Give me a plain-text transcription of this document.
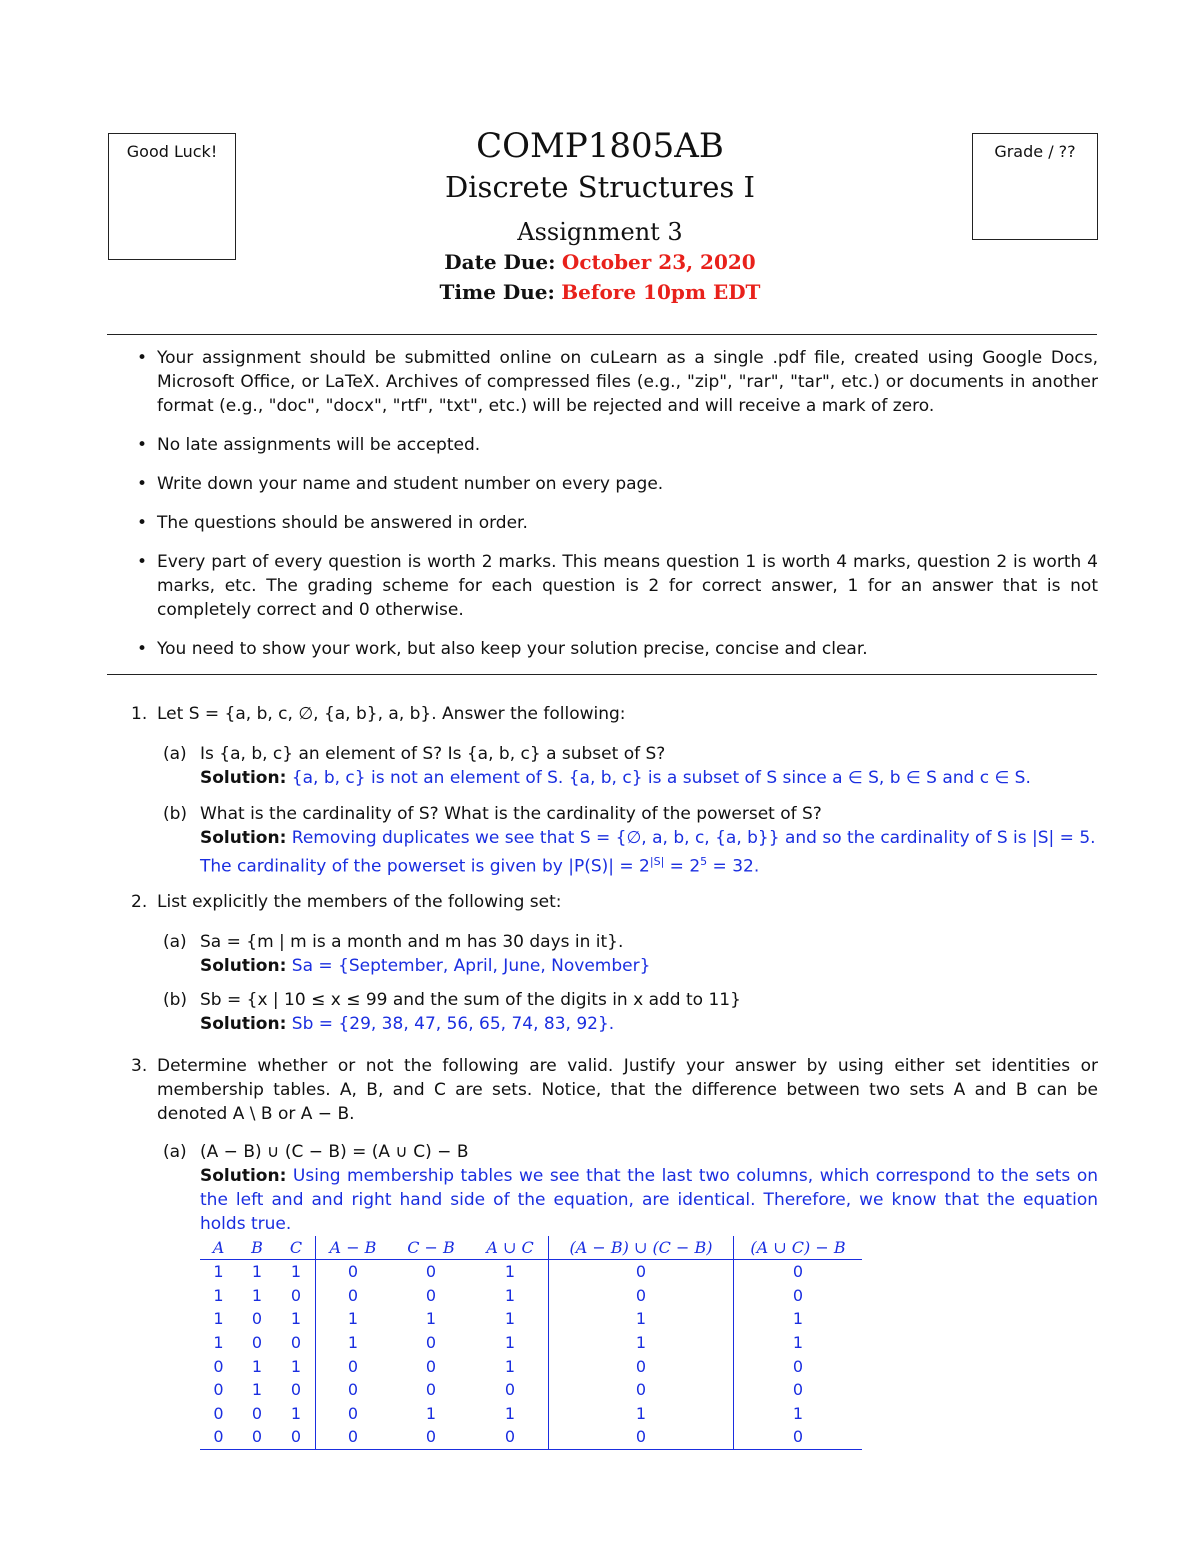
Good Luck!	Grade / ??
COMP1805AB
Discrete Structures I
Assignment 3
Date Due: October 23, 2020
Time Due: Before 10pm EDT
• Your assignment should be submitted online on cuLearn as a single .pdf file, created using Google Docs, Microsoft Office, or LaTeX. Archives of compressed files (e.g., "zip", "rar", "tar", etc.) or documents in another format (e.g., "doc", "docx", "rtf", "txt", etc.) will be rejected and will receive a mark of zero.
• No late assignments will be accepted.
• Write down your name and student number on every page.
• The questions should be answered in order.
• Every part of every question is worth 2 marks. This means question 1 is worth 4 marks, question 2 is worth 4 marks, etc. The grading scheme for each question is 2 for correct answer, 1 for an answer that is not completely correct and 0 otherwise.
• You need to show your work, but also keep your solution precise, concise and clear.
1. Let S = {a, b, c, ∅, {a, b}, a, b}. Answer the following:
(a) Is {a, b, c} an element of S? Is {a, b, c} a subset of S?
Solution: {a, b, c} is not an element of S. {a, b, c} is a subset of S since a ∈ S, b ∈ S and c ∈ S.
(b) What is the cardinality of S? What is the cardinality of the powerset of S?
Solution: Removing duplicates we see that S = {∅, a, b, c, {a, b}} and so the cardinality of S is |S| = 5.
The cardinality of the powerset is given by $|P(S)| = 2^{|S|} = 2^5 = 32$.
2. List explicitly the members of the following set:
(a) Sa = {m | m is a month and m has 30 days in it}.
Solution: Sa = {September, April, June, November}
(b) Sb = {x | 10 ≤ x ≤ 99 and the sum of the digits in x add to 11}
Solution: Sb = {29, 38, 47, 56, 65, 74, 83, 92}.
3. Determine whether or not the following are valid. Justify your answer by using either set identities or membership tables. A, B, and C are sets. Notice, that the difference between two sets A and B can be denoted A \ B or A − B.
(a) (A − B) ∪ (C − B) = (A ∪ C) − B
Solution: Using membership tables we see that the last two columns, which correspond to the sets on the left and and right hand side of the equation, are identical. Therefore, we know that the equation holds true.
A	B	C	A − B	C − B	A ∪ C	(A − B) ∪ (C − B)	(A ∪ C) − B
1	1	1	0	0	1	0	0
1	1	0	0	0	1	0	0
1	0	1	1	1	1	1	1
1	0	0	1	0	1	1	1
0	1	1	0	0	1	0	0
0	1	0	0	0	0	0	0
0	0	1	0	1	1	1	1
0	0	0	0	0	0	0	0
